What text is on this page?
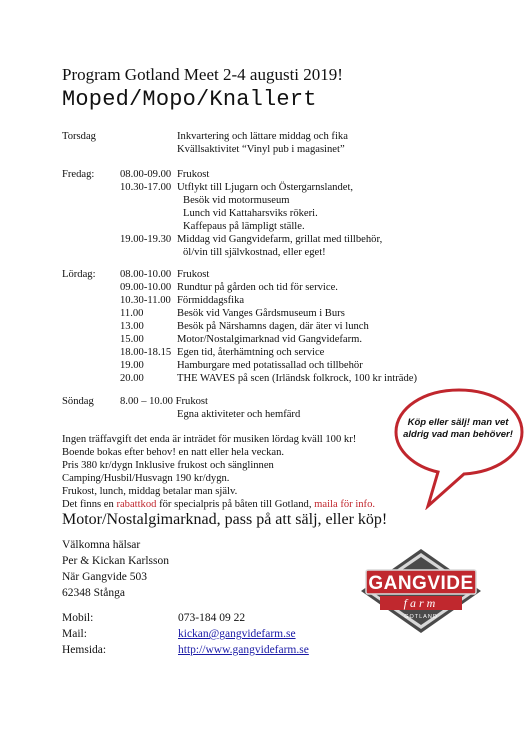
Program Gotland Meet 2-4 augusti 2019!
Moped/Mopo/Knallert
Torsdag	Inkvartering och lättare middag och fika
Kvällsaktivitet “Vinyl pub i magasinet”
Fredag: 08.00-09.00 Frukost
10.30-17.00 Utflykt till Ljugarn och Östergarnslandet,
Besök vid motormuseum
Lunch vid Kattaharsviks rökeri.
Kaffepaus på lämpligt ställe.
19.00-19.30 Middag vid Gangvidefarm, grillat med tillbehör,
öl/vin till självkostnad, eller eget!
Lördag: 08.00-10.00 Frukost
09.00-10.00 Rundtur på gården och tid för service.
10.30-11.00 Förmiddagsfika
11.00	Besök vid Vanges Gårdsmuseum i Burs
13.00	Besök på Närshamns dagen, där äter vi lunch
15.00	Motor/Nostalgimarknad vid Gangvidefarm.
18.00-18.15 Egen tid, återhämtning och service
19.00	Hamburgare med potatissallad och tillbehör
20.00	THE WAVES på scen (Irländsk folkrock, 100 kr inträde)
Söndag 8.00 – 10.00 Frukost
Egna aktiviteter och hemfärd
Ingen träffavgift det enda är inträdet för musiken lördag kväll 100 kr!
Boende bokas efter behov! en natt eller hela veckan.
Pris 380 kr/dygn Inklusive frukost och sänglinnen
Camping/Husbil/Husvagn 190 kr/dygn.
Frukost, lunch, middag betalar man själv.
Det finns en rabattkod för specialpris på båten till Gotland, maila för info.
Motor/Nostalgimarknad, pass på att sälj, eller köp!
Köp eller sälj! man vet aldrig vad man behöver!
Välkomna hälsar
Per & Kickan Karlsson
När Gangvide 503
62348 Stånga
Mobil:	073-184 09 22
Mail:	kickan@gangvidefarm.se
Hemsida:	http://www.gangvidefarm.se
GANGVIDE
farm
GOTLAND
